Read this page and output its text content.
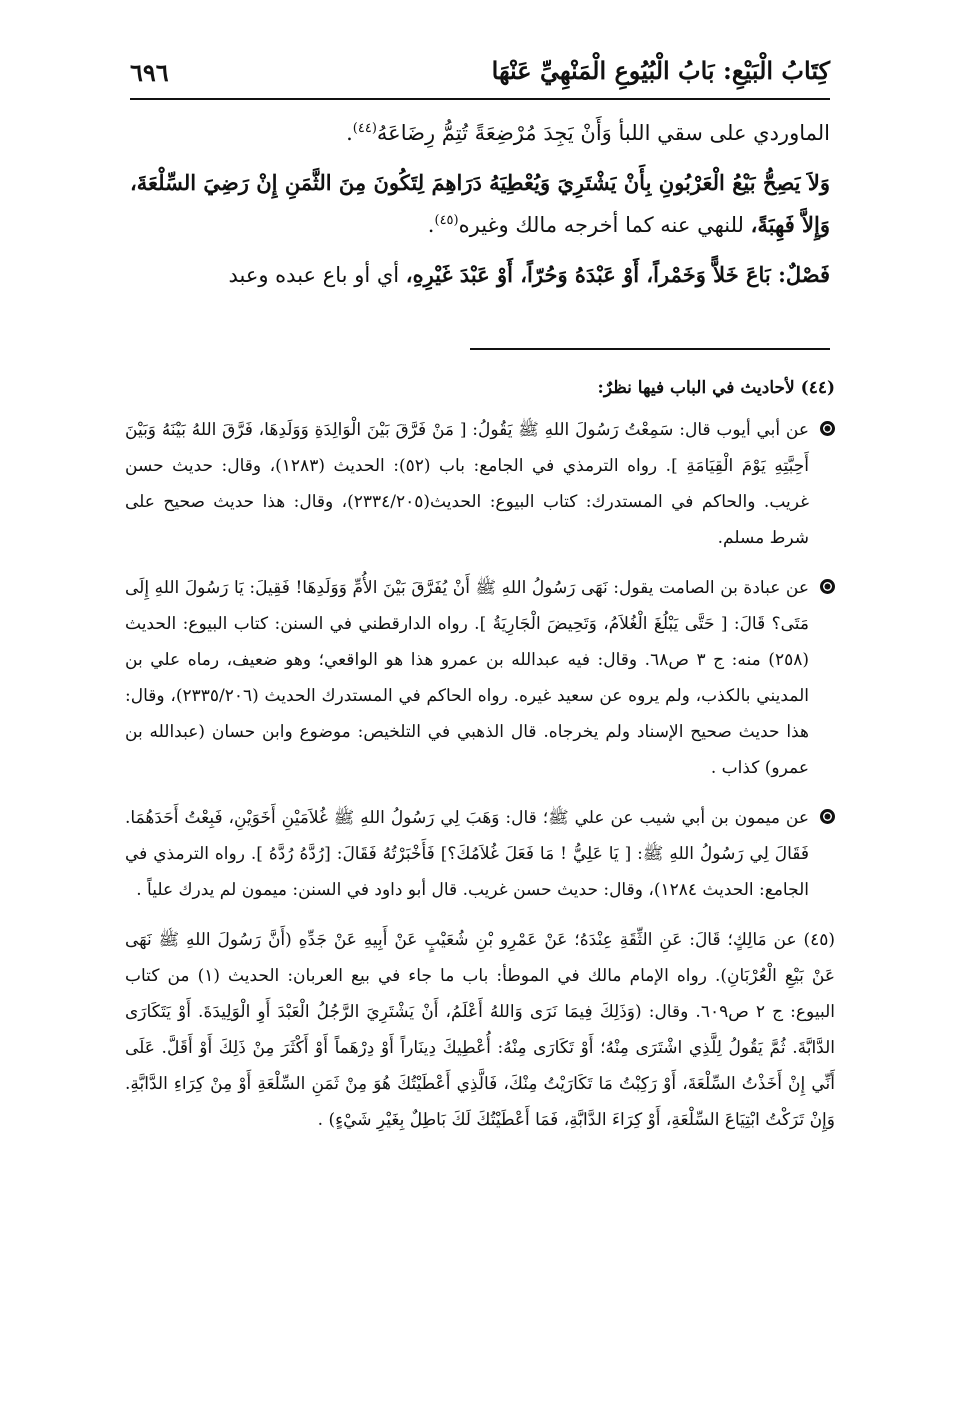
كِتَابُ الْبَيْعِ: بَابُ الْبُيُوعِ الْمَنْهِيِّ عَنْهَا
٦٩٦

الماوردي على سقي اللبأ وَأَنْ يَجِدَ مُرْضِعَةً تُتِمُّ رِضَاعَهُ$^{(٤٤)}$.

وَلاَ يَصِحُّ بَيْعُ الْعَرْبُونِ بِأَنْ يَشْتَرِيَ وَيُعْطِيَهُ دَرَاهِمَ لِتَكُونَ مِنَ الثَّمَنِ إِنْ رَضِيَ السِّلْعَةَ، وَإِلاَّ فَهِبَةً، للنهي عنه كما أخرجه مالك وغيره$^{(٤٥)}$.

فَصْلٌ: بَاعَ خَلاًّ وَخَمْراً، أَوْ عَبْدَهُ وَحُرّاً، أَوْ عَبْدَ غَيْرِهِ، أي أو باع عبده وعبد

(٤٤) لأحاديث في الباب فيها نظرٌ:

عن أبي أيوب قال: سَمِعْتُ رَسُولَ اللهِ ﷺ يَقُولُ: [ مَنْ فَرَّقَ بَيْنَ الْوَالِدَةِ وَوَلَدِهَا، فَرَّقَ اللهُ بَيْنَهُ وَبَيْنَ أَحِبَّتِهِ يَوْمَ الْقِيَامَةِ ]. رواه الترمذي في الجامع: باب (٥٢): الحديث (١٢٨٣)، وقال: حديث حسن غريب. والحاكم في المستدرك: كتاب البيوع: الحديث(٢٣٣٤/٢٠٥)، وقال: هذا حديث صحيح على شرط مسلم.

عن عبادة بن الصامت يقول: نَهَى رَسُولُ اللهِ ﷺ أَنْ يُفَرَّقَ بَيْنَ الأُمِّ وَوَلَدِهَا! فَقِيلَ: يَا رَسُولَ اللهِ إِلَى مَتَى؟ قَالَ: [ حَتَّى يَبْلُغَ الْغُلاَمُ، وَتَحِيضَ الْجَارِيَةُ ]. رواه الدارقطني في السنن: كتاب البيوع: الحديث (٢٥٨) منه: ج ٣ ص٦٨. وقال: فيه عبدالله بن عمرو هذا هو الواقعي؛ وهو ضعيف، رماه علي بن المديني بالكذب، ولم يروه عن سعيد غيره. رواه الحاكم في المستدرك الحديث (٢٣٣٥/٢٠٦)، وقال: هذا حديث صحيح الإسناد ولم يخرجاه. قال الذهبي في التلخيص: موضوع وابن حسان (عبدالله بن عمرو) كذاب .

عن ميمون بن أبي شيب عن علي ﷺ؛ قال: وَهَبَ لِي رَسُولُ اللهِ ﷺ غُلاَمَيْنِ أَخَوَيْنِ، فَبِعْتُ أَحَدَهُمَا. فَقَالَ لِي رَسُولُ اللهِ ﷺ: [ يَا عَلِيُّ ! مَا فَعَلَ غُلاَمُكَ؟] فَأَخْبَرْتُهُ فَقَالَ: [رُدَّهُ رُدَّهُ ]. رواه الترمذي في الجامع: الحديث ١٢٨٤)، وقال: حديث حسن غريب. قال أبو داود في السنن: ميمون لم يدرك علياً .

(٤٥) عن مَالِكٍ؛ قَالَ: عَنِ الثِّقَةِ عِنْدَهُ؛ عَنْ عَمْرِو بْنِ شُعَيْبٍ عَنْ أَبِيهِ عَنْ جَدِّهِ (أَنَّ رَسُولَ اللهِ ﷺ نَهَى عَنْ بَيْعِ الْعُرْبَانِ). رواه الإمام مالك في الموطأ: باب ما جاء في بيع العربان: الحديث (١) من كتاب البيوع: ج ٢ ص٦٠٩. وقال: (وَذَلِكَ فِيمَا نَرَى وَاللهُ أَعْلَمُ، أَنْ يَشْتَرِيَ الرَّجُلُ الْعَبْدَ أَوِ الْوَلِيدَةَ. أَوْ يَتَكَارَى الدَّابَّةَ. ثُمَّ يَقُولُ لِلَّذِي اشْتَرَى مِنْهُ؛ أَوْ تَكَارَى مِنْهُ: أُعْطِيكَ دِينَاراً أَوْ دِرْهَماً أَوْ أَكْثَرَ مِنْ ذَلِكَ أَوْ أَقَلَّ. عَلَى أَنِّي إِنْ أَخَذْتُ السِّلْعَةَ، أَوْ رَكِبْتُ مَا تَكَارَيْتُ مِنْكَ، فَالَّذِي أَعْطَيْتُكَ هُوَ مِنْ ثَمَنِ السِّلْعَةِ أَوْ مِنْ كِرَاءِ الدَّابَّةِ. وَإِنْ تَرَكْتُ ابْتِيَاعَ السِّلْعَةِ، أَوْ كِرَاءَ الدَّابَّةِ، فَمَا أَعْطَيْتُكَ لَكَ بَاطِلٌ بِغَيْرِ شَيْءٍ) .
